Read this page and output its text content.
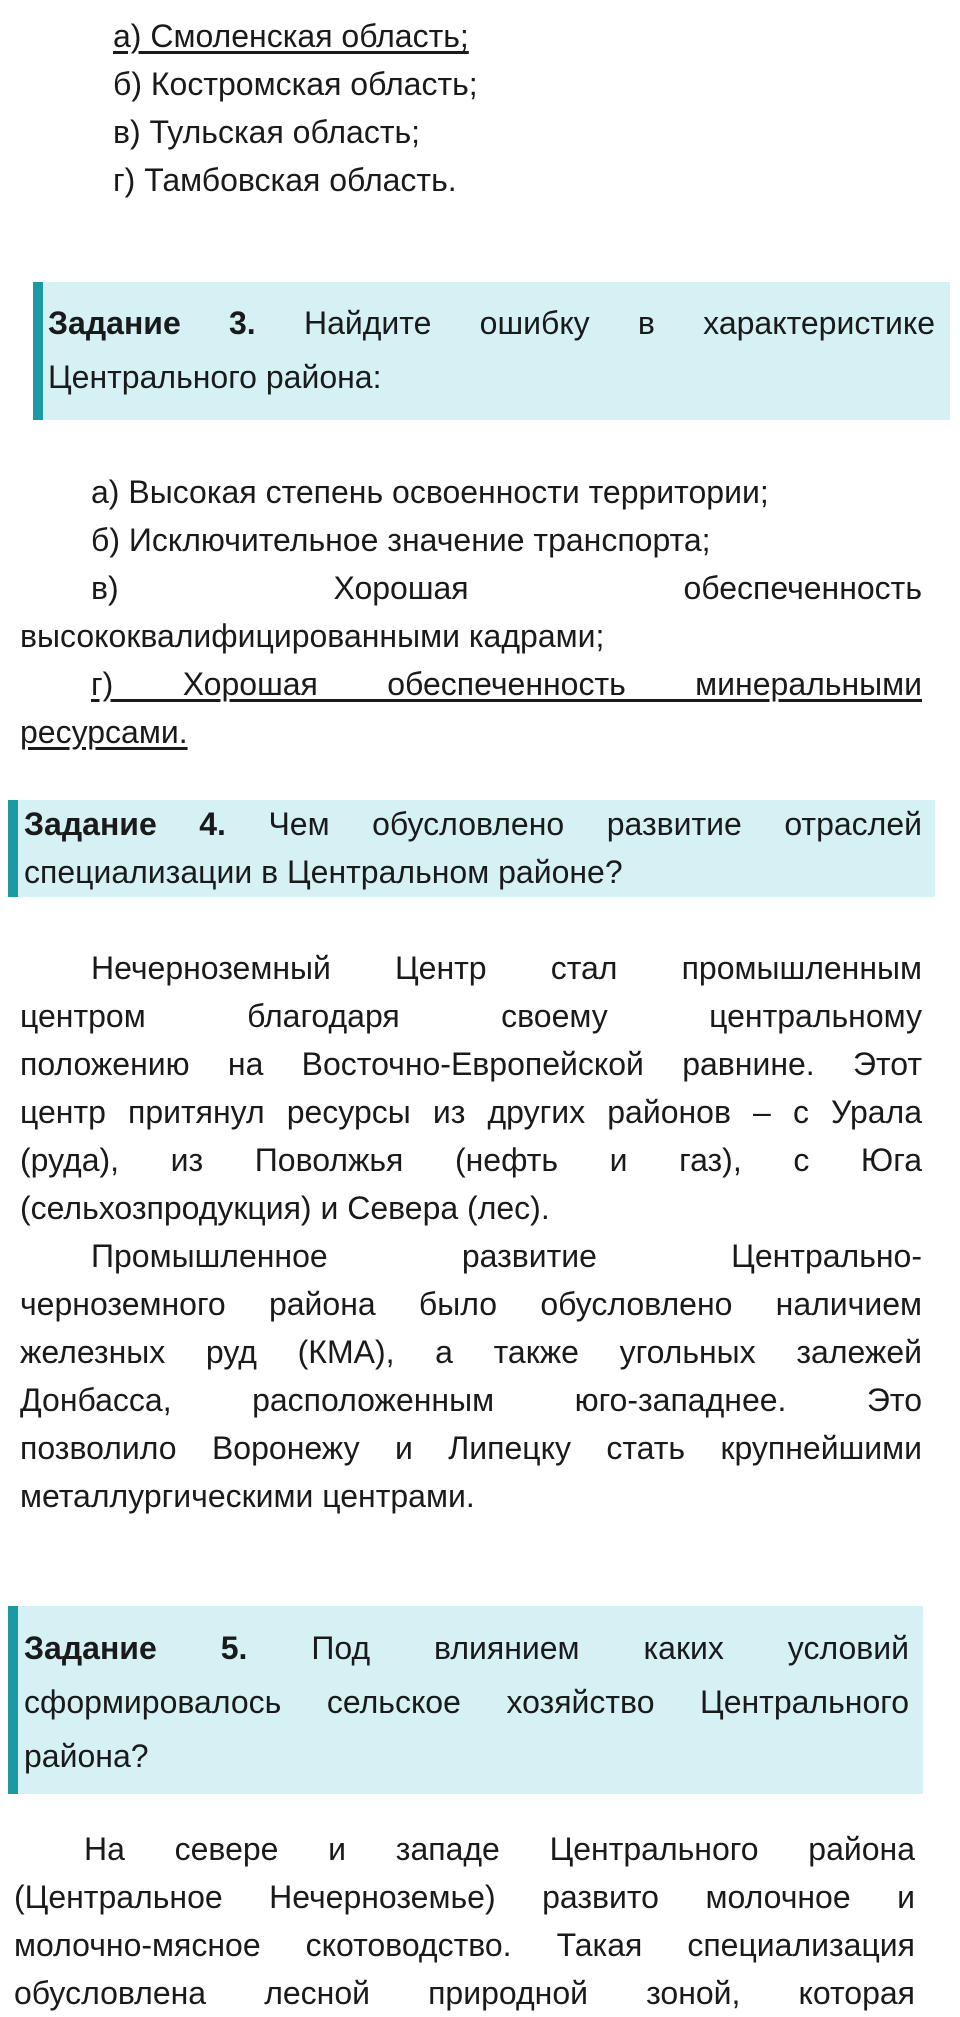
а) Смоленская область;
б) Костромская область;
в) Тульская область;
г) Тамбовская область.
Задание 3. Найдите ошибку в характеристике
Центрального района:
а) Высокая степень освоенности территории;
б) Исключительное значение транспорта;
в) Хорошая обеспеченность
высококвалифицированными кадрами;
г) Хорошая обеспеченность минеральными
ресурсами.
Задание 4. Чем обусловлено развитие отраслей
специализации в Центральном районе?
Нечерноземный Центр стал промышленным
центром благодаря своему центральному
положению на Восточно-Европейской равнине. Этот
центр притянул ресурсы из других районов – с Урала
(руда), из Поволжья (нефть и газ), с Юга
(сельхозпродукция) и Севера (лес).
Промышленное развитие Центрально-
черноземного района было обусловлено наличием
железных руд (КМА), а также угольных залежей
Донбасса, расположенным юго-западнее. Это
позволило Воронежу и Липецку стать крупнейшими
металлургическими центрами.
Задание 5. Под влиянием каких условий
сформировалось сельское хозяйство Центрального
района?
На севере и западе Центрального района
(Центральное Нечерноземье) развито молочное и
молочно-мясное скотоводство. Такая специализация
обусловлена лесной природной зоной, которая
